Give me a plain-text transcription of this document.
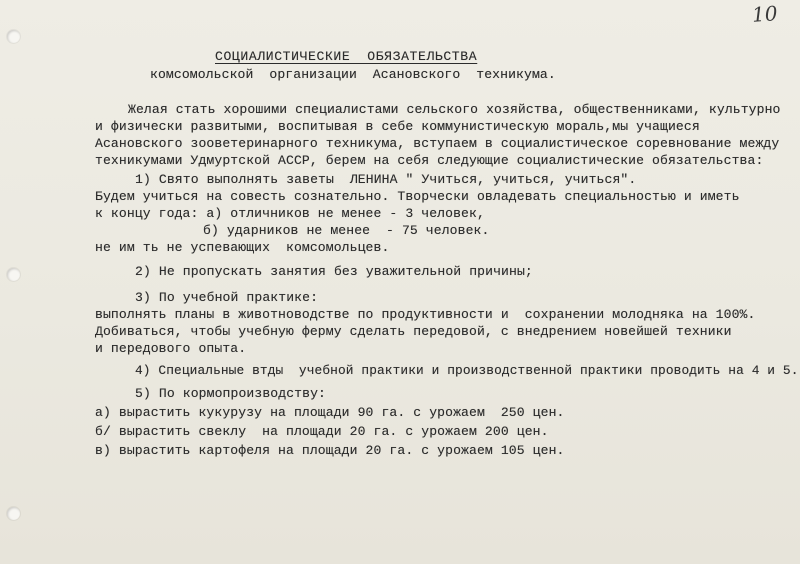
10
СОЦИАЛИСТИЧЕСКИЕ  ОБЯЗАТЕЛЬСТВА
комсомольской  организации  Асановского  техникума.
Желая стать хорошими специалистами сельского хозяйства, общественниками, культурно
и физически развитыми, воспитывая в себе коммунистическую мораль,мы учащиеся
Асановского зооветеринарного техникума, вступаем в социалистическое соревнование между
техникумами Удмуртской АССР, берем на себя следующие социалистические обязательства:
1) Свято выполнять заветы  ЛЕНИНА " Учиться, учиться, учиться".
Будем учиться на совесть сознательно. Творчески овладевать специальностью и иметь
к концу года: а) отличников не менее - 3 человек,
б) ударников не менее  - 75 человек.
не им ть не успевающих  комсомольцев.
2) Не пропускать занятия без уважительной причины;
3) По учебной практике:
выполнять планы в животноводстве по продуктивности и  сохранении молодняка на 100%.
Добиваться, чтобы учебную ферму сделать передовой, с внедрением новейшей техники
и передового опыта.
4) Специальные втды  учебной практики и производственной практики проводить на 4 и 5.
5) По кормопроизводству:
а) вырастить кукурузу на площади 90 га. с урожаем  250 цен.
б/ вырастить свеклу  на площади 20 га. с урожаем 200 цен.
в) вырастить картофеля на площади 20 га. с урожаем 105 цен.
